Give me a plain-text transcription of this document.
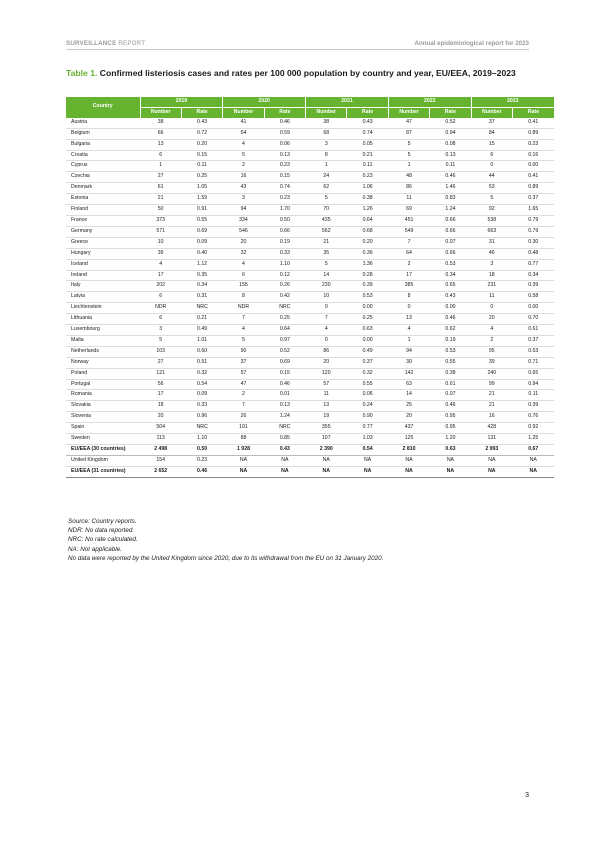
SURVEILLANCE REPORT	Annual epidemiological report for 2023
Table 1. Confirmed listeriosis cases and rates per 100 000 population by country and year, EU/EEA, 2019–2023
Country	2019		2020		2021		2022		2023	
	Number	Rate	Number	Rate	Number	Rate	Number	Rate	Number	Rate
Austria	38	0.43	41	0.46	38	0.43	47	0.52	37	0.41
Belgium	66	0.72	54	0.59	68	0.74	87	0.94	84	0.89
Bulgaria	13	0.20	4	0.06	3	0.05	5	0.08	15	0.23
Croatia	6	0.15	5	0.13	8	0.21	5	0.13	6	0.16
Cyprus	1	0.11	2	0.23	1	0.11	1	0.11	0	0.00
Czechia	27	0.25	16	0.15	24	0.23	48	0.46	44	0.41
Denmark	61	1.05	43	0.74	62	1.06	86	1.46	53	0.89
Estonia	21	1.59	3	0.23	5	0.38	11	0.83	5	0.37
Finland	50	0.91	94	1.70	70	1.26	69	1.24	92	1.65
France	373	0.55	334	0.50	435	0.64	451	0.66	538	0.79
Germany	571	0.69	546	0.66	562	0.68	549	0.66	663	0.79
Greece	10	0.09	20	0.19	21	0.20	7	0.07	31	0.30
Hungary	39	0.40	32	0.33	35	0.36	64	0.66	46	0.48
Iceland	4	1.12	4	1.10	5	1.36	2	0.53	3	0.77
Ireland	17	0.35	6	0.12	14	0.28	17	0.34	18	0.34
Italy	202	0.34	155	0.26	230	0.39	385	0.65	231	0.39
Latvia	6	0.31	8	0.42	10	0.53	8	0.43	11	0.58
Liechtenstein	NDR	NRC	NDR	NRC	0	0.00	0	0.00	0	0.00
Lithuania	6	0.21	7	0.25	7	0.25	13	0.46	20	0.70
Luxembourg	3	0.49	4	0.64	4	0.63	4	0.62	4	0.61
Malta	5	1.01	5	0.97	0	0.00	1	0.19	2	0.37
Netherlands	103	0.60	90	0.52	86	0.49	94	0.53	95	0.53
Norway	27	0.51	37	0.69	20	0.37	30	0.55	39	0.71
Poland	121	0.32	57	0.15	120	0.32	142	0.38	240	0.65
Portugal	56	0.54	47	0.46	57	0.55	63	0.61	99	0.94
Romania	17	0.09	2	0.01	11	0.06	14	0.07	21	0.11
Slovakia	18	0.33	7	0.13	13	0.24	25	0.46	21	0.39
Slovenia	20	0.96	26	1.24	19	0.90	20	0.95	16	0.76
Spain	504	NRC	191	NRC	355	0.77	437	0.95	428	0.92
Sweden	113	1.10	88	0.85	107	1.03	125	1.20	131	1.25
EU/EEA (30 countries)	2 498	0.50	1 928	0.43	2 390	0.54	2 810	0.63	2 993	0.67
United Kingdom	154	0.23	NA	NA	NA	NA	NA	NA	NA	NA
EU/EEA (31 countries)	2 652	0.46	NA	NA	NA	NA	NA	NA	NA	NA
Source: Country reports.
NDR: No data reported.
NRC: No rate calculated.
NA: Not applicable.
No data were reported by the United Kingdom since 2020, due to its withdrawal from the EU on 31 January 2020.
3
